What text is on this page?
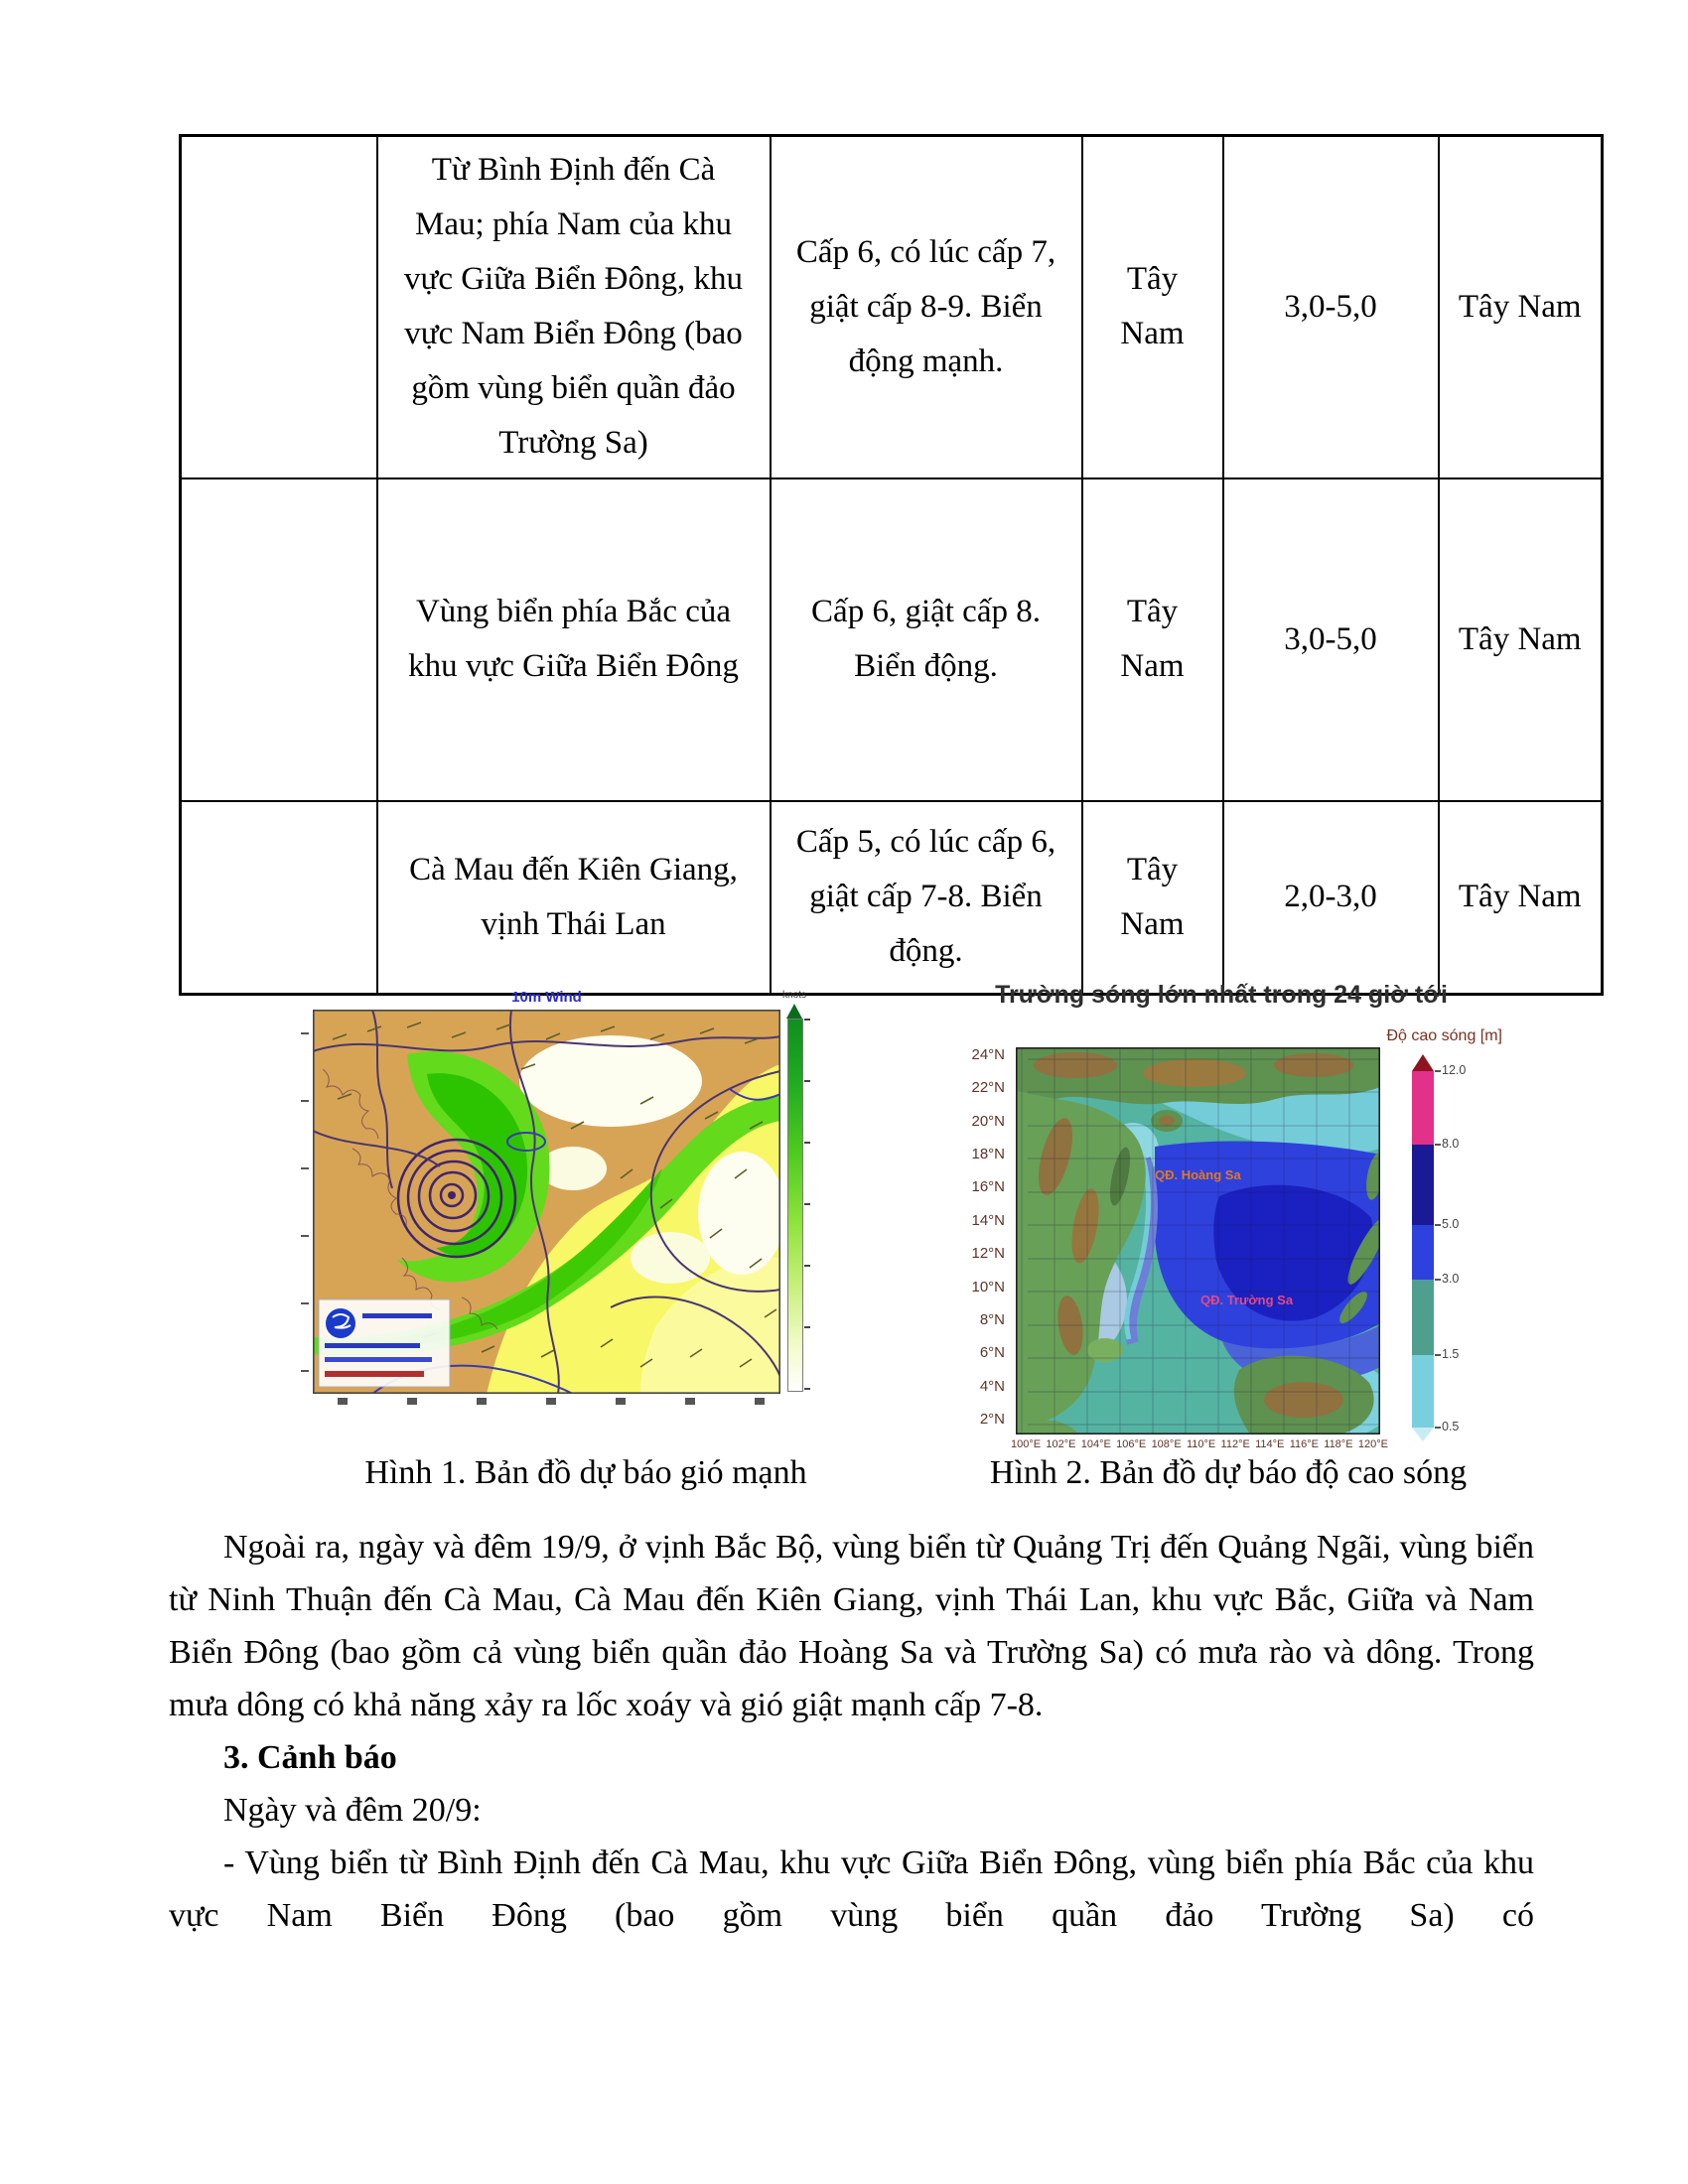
	Từ Bình Định đến Cà Mau; phía Nam của khu vực Giữa Biển Đông, khu vực Nam Biển Đông (bao gồm vùng biển quần đảo Trường Sa)	Cấp 6, có lúc cấp 7, giật cấp 8-9. Biển động mạnh.	Tây Nam	3,0-5,0	Tây Nam
	Vùng biển phía Bắc của khu vực Giữa Biển Đông	Cấp 6, giật cấp 8. Biển động.	Tây Nam	3,0-5,0	Tây Nam
	Cà Mau đến Kiên Giang, vịnh Thái Lan	Cấp 5, có lúc cấp 6, giật cấp 7-8. Biển động.	Tây Nam	2,0-3,0	Tây Nam
10m Wind	knots	Trường sóng lớn nhất trong 24 giờ tới
Độ cao sóng [m]
24°N
22°N
20°N
18°N
16°N
14°N
12°N
10°N
8°N
6°N
4°N
2°N
QĐ. Hoàng Sa
QĐ. Trường Sa
100°E 102°E 104°E 106°E 108°E 110°E 112°E 114°E 116°E 118°E 120°E
12.0
8.0
5.0
3.0
1.5
0.5
Hình 1. Bản đồ dự báo gió mạnh	Hình 2. Bản đồ dự báo độ cao sóng

Ngoài ra, ngày và đêm 19/9, ở vịnh Bắc Bộ, vùng biển từ Quảng Trị đến Quảng Ngãi, vùng biển từ Ninh Thuận đến Cà Mau, Cà Mau đến Kiên Giang, vịnh Thái Lan, khu vực Bắc, Giữa và Nam Biển Đông (bao gồm cả vùng biển quần đảo Hoàng Sa và Trường Sa) có mưa rào và dông. Trong mưa dông có khả năng xảy ra lốc xoáy và gió giật mạnh cấp 7-8.

3. Cảnh báo

Ngày và đêm 20/9:

- Vùng biển từ Bình Định đến Cà Mau, khu vực Giữa Biển Đông, vùng biển phía Bắc của khu vực Nam Biển Đông (bao gồm vùng biển quần đảo Trường Sa) có
